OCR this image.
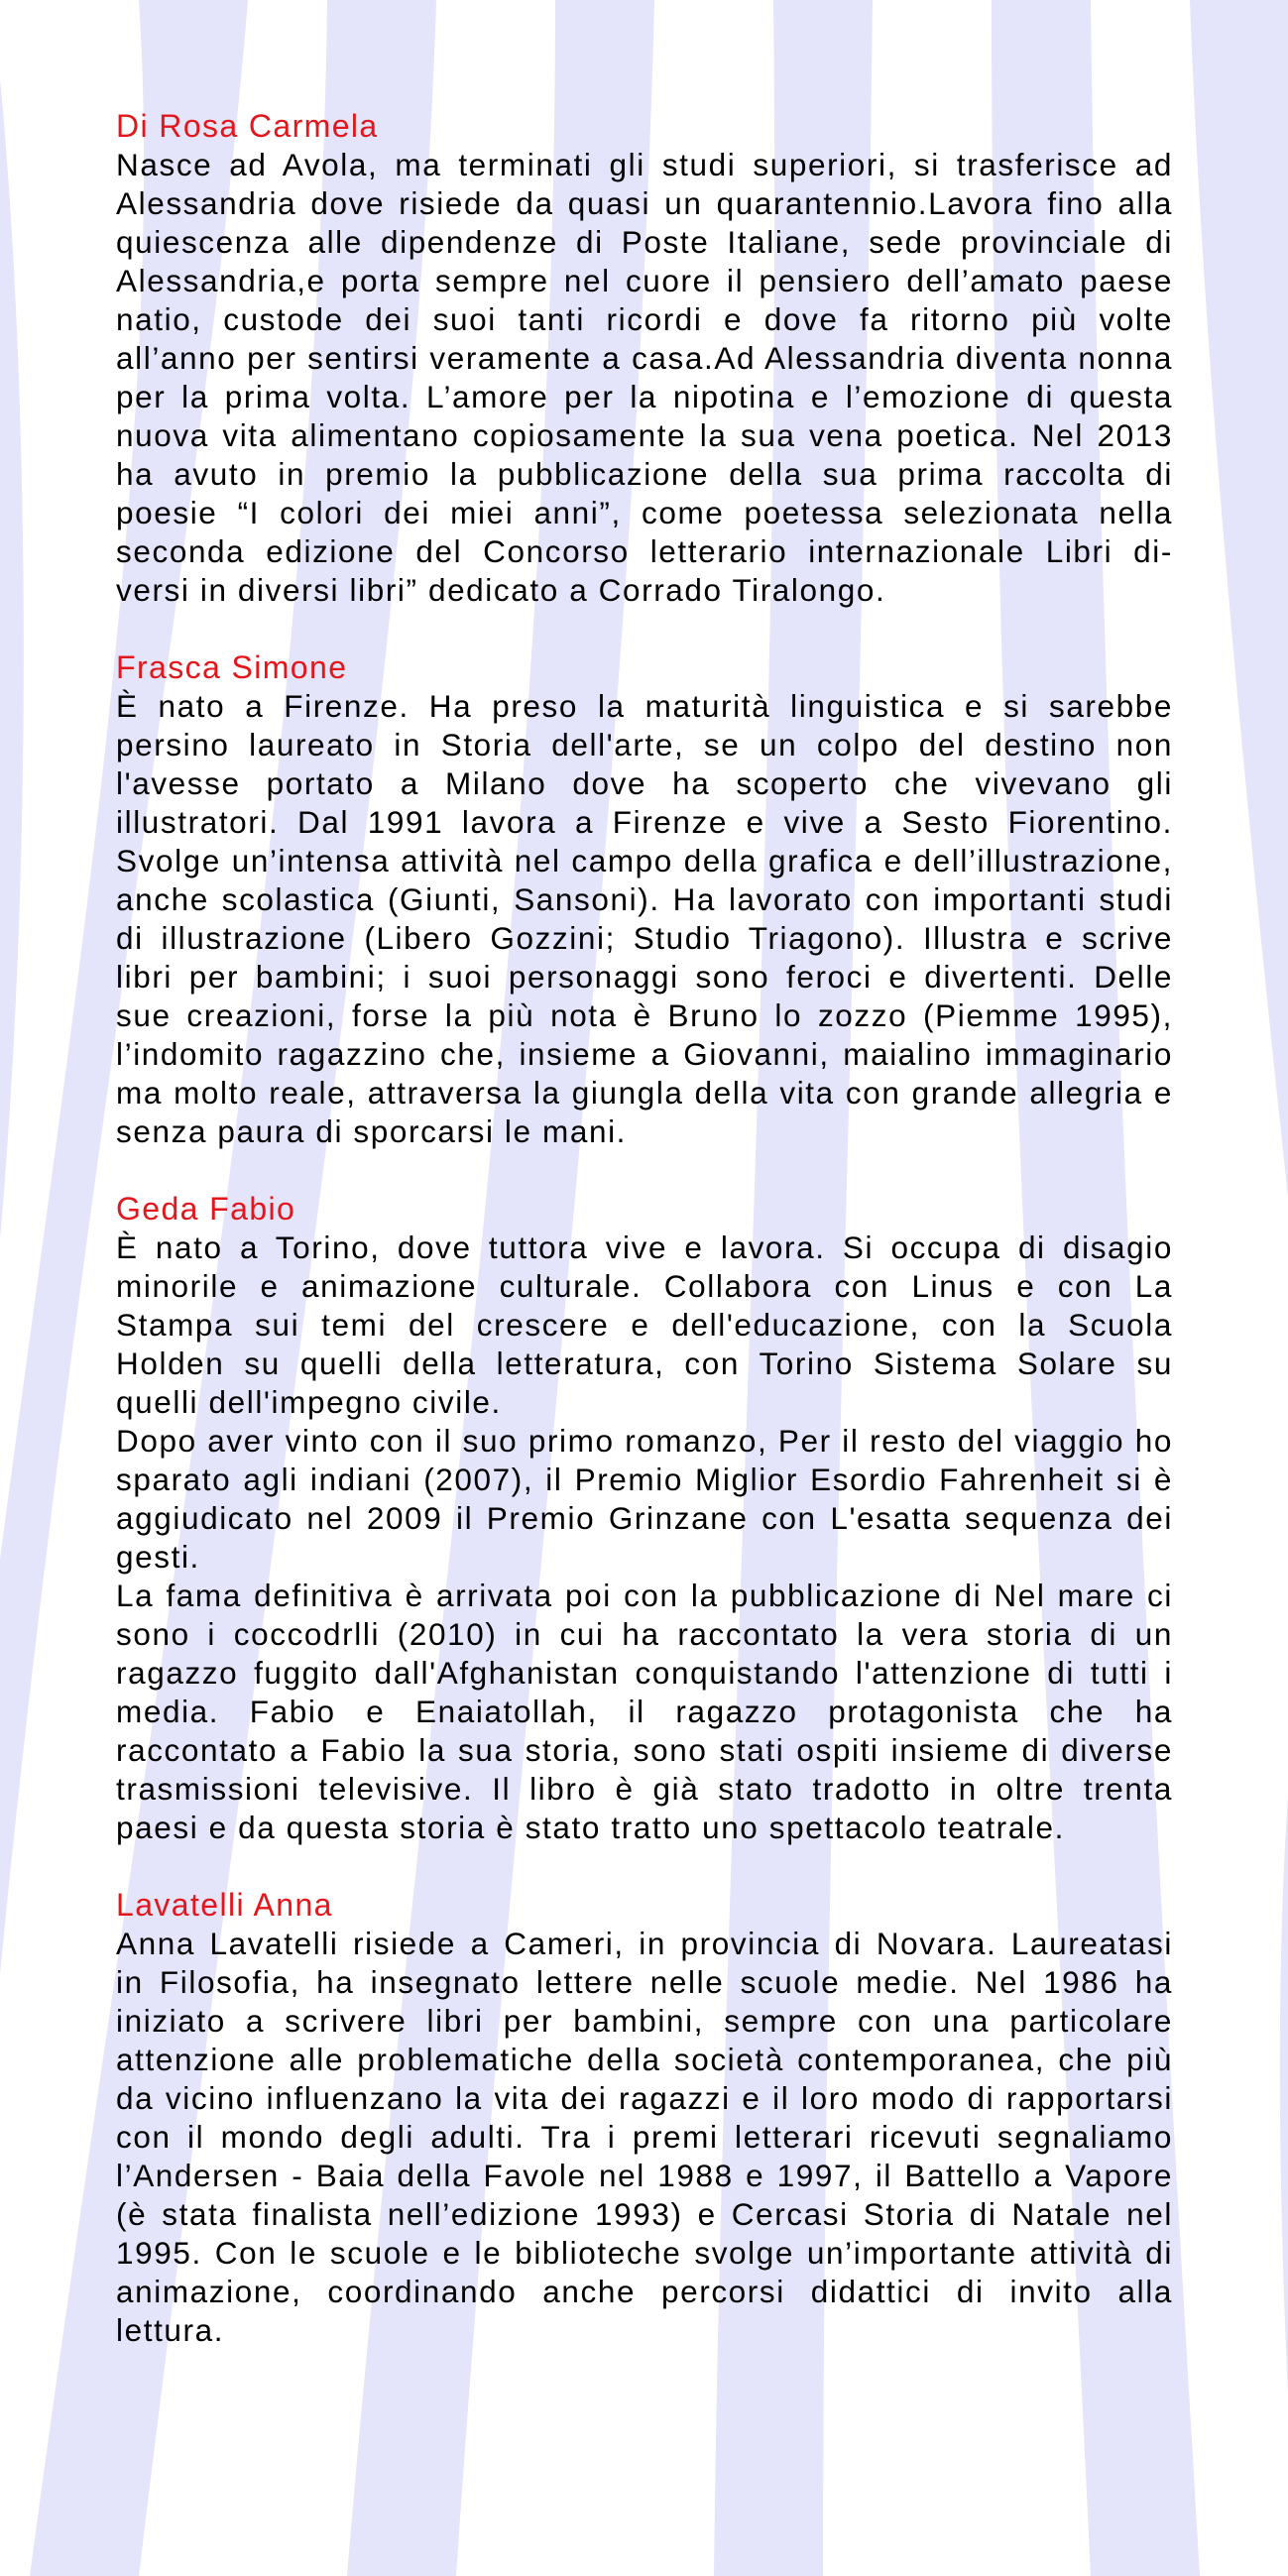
Di Rosa Carmela

Nasce ad Avola, ma terminati gli studi superiori, si trasferisce ad Alessandria dove risiede da quasi un quarantennio.Lavora fino alla quiescenza alle dipendenze di Poste Italiane, sede provinciale di Alessandria,e porta sempre nel cuore il pensiero dell’amato paese natio, custode dei suoi tanti ricordi e dove fa ritorno più volte all’anno per sentirsi veramente a casa.Ad Alessandria diventa nonna per la prima volta. L’amore per la nipotina e l’emozione di questa nuova vita alimentano copiosamente la sua vena poetica. Nel 2013 ha avuto in premio la pubblicazione della sua prima raccolta di poesie “I colori dei miei anni”, come poetessa selezionata nella seconda edizione del Concorso letterario internazionale Libri di-versi in diversi libri” dedicato a Corrado Tiralongo.

Frasca Simone

È nato a Firenze. Ha preso la maturità linguistica e si sarebbe persino laureato in Storia dell'arte, se un colpo del destino non l'avesse portato a Milano dove ha scoperto che vivevano gli illustratori. Dal 1991 lavora a Firenze e vive a Sesto Fiorentino. Svolge un’intensa attività nel campo della grafica e dell’illustrazione, anche scolastica (Giunti, Sansoni). Ha lavorato con importanti studi di illustrazione (Libero Gozzini; Studio Triagono). Illustra e scrive libri per bambini; i suoi personaggi sono feroci e divertenti. Delle sue creazioni, forse la più nota è Bruno lo zozzo (Piemme 1995), l’indomito ragazzino che, insieme a Giovanni, maialino immaginario ma molto reale, attraversa la giungla della vita con grande allegria e senza paura di sporcarsi le mani.

Geda Fabio

È nato a Torino, dove tuttora vive e lavora. Si occupa di disagio minorile e animazione culturale. Collabora con Linus e con La Stampa sui temi del crescere e dell'educazione, con la Scuola Holden su quelli della letteratura, con Torino Sistema Solare su quelli dell'impegno civile.

Dopo aver vinto con il suo primo romanzo, Per il resto del viaggio ho sparato agli indiani (2007), il Premio Miglior Esordio Fahrenheit si è aggiudicato nel 2009 il Premio Grinzane con L'esatta sequenza dei gesti.

La fama definitiva è arrivata poi con la pubblicazione di Nel mare ci sono i coccodrlli (2010) in cui ha raccontato la vera storia di un ragazzo fuggito dall'Afghanistan conquistando l'attenzione di tutti i media. Fabio e Enaiatollah, il ragazzo protagonista che ha raccontato a Fabio la sua storia, sono stati ospiti insieme di diverse trasmissioni televisive. Il libro è già stato tradotto in oltre trenta paesi e da questa storia è stato tratto uno spettacolo teatrale.

Lavatelli Anna

Anna Lavatelli risiede a Cameri, in provincia di Novara. Laureatasi in Filosofia, ha insegnato lettere nelle scuole medie. Nel 1986 ha iniziato a scrivere libri per bambini, sempre con una particolare attenzione alle problematiche della società contemporanea, che più da vicino influenzano la vita dei ragazzi e il loro modo di rapportarsi con il mondo degli adulti. Tra i premi letterari ricevuti segnaliamo l’Andersen - Baia della Favole nel 1988 e 1997, il Battello a Vapore (è stata finalista nell’edizione 1993) e Cercasi Storia di Natale nel 1995. Con le scuole e le biblioteche svolge un’importante attività di animazione, coordinando anche percorsi didattici di invito alla lettura.
